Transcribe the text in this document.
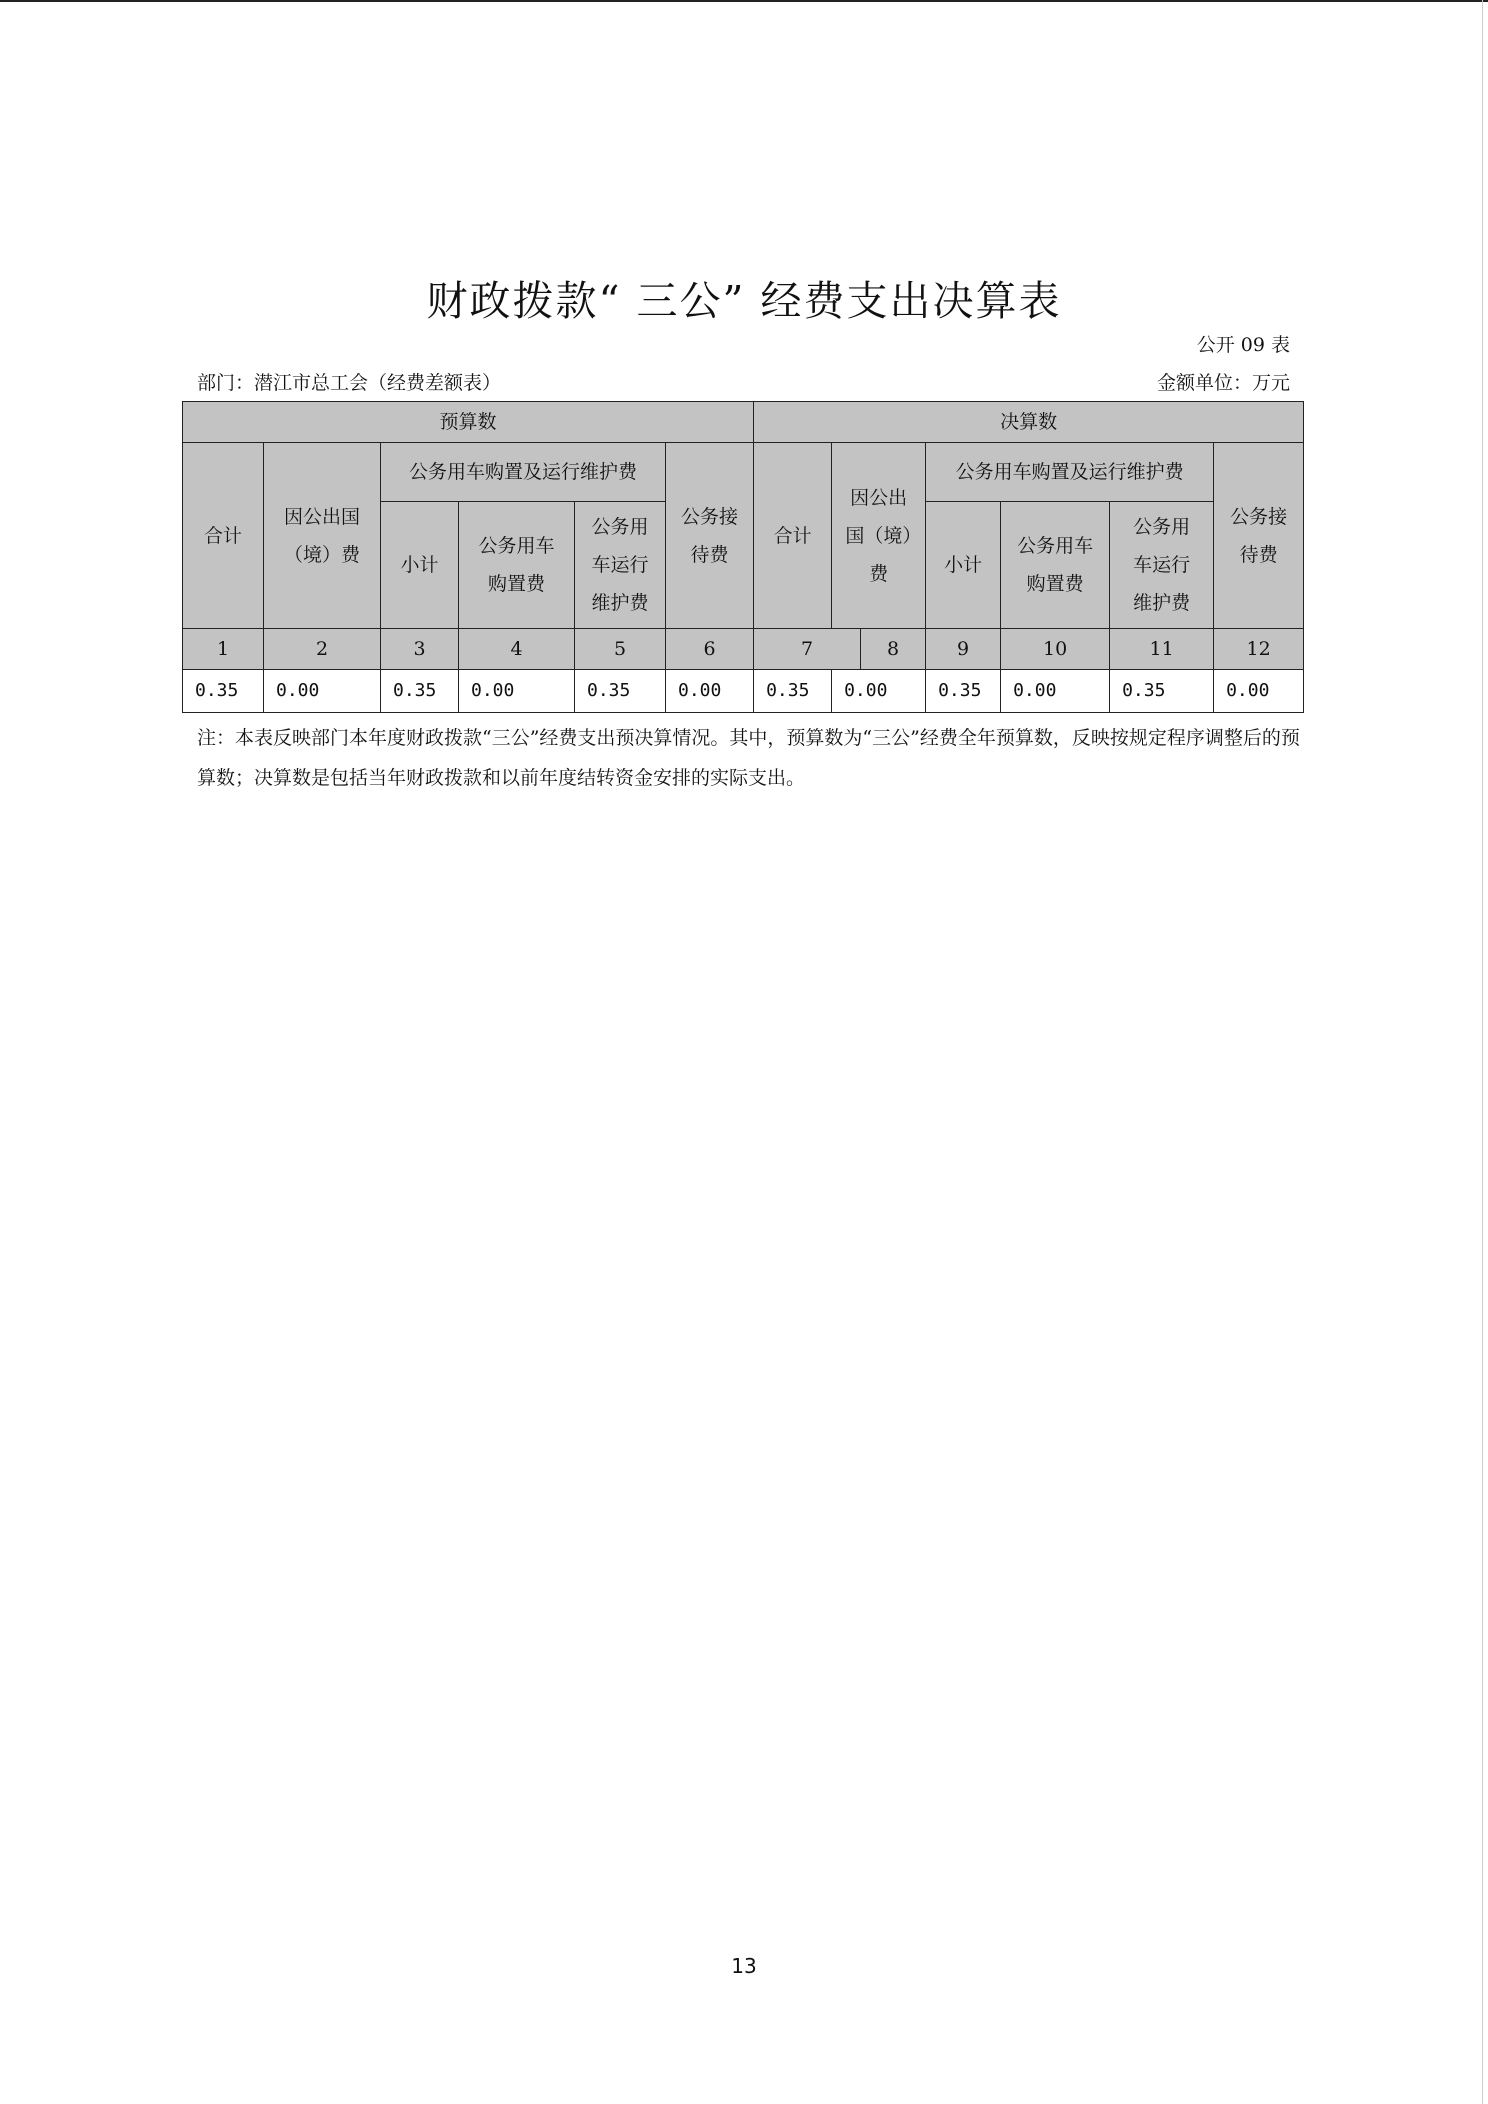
财政拨款“ 三公” 经费支出决算表
公开 09 表
部门：潜江市总工会（经费差额表）	金额单位：万元
预算数						决算数						
合计	因公出国（境）费	公务用车购置及运行维护费			公务接待费	合计	因公出国（境）费		公务用车购置及运行维护费			公务接待费
		小计	公务用车购置费	公务用车运行维护费					小计	公务用车购置费	公务用车运行维护费	
1	2	3	4	5	6	7		8	9	10	11	12
0.35	0.00	0.35	0.00	0.35	0.00	0.35	0.00		0.35	0.00	0.35	0.00
注：本表反映部门本年度财政拨款“三公”经费支出预决算情况。其中，预算数为“三公”经费全年预算数，反映按规定程序调整后的预算数；决算数是包括当年财政拨款和以前年度结转资金安排的实际支出。
13
